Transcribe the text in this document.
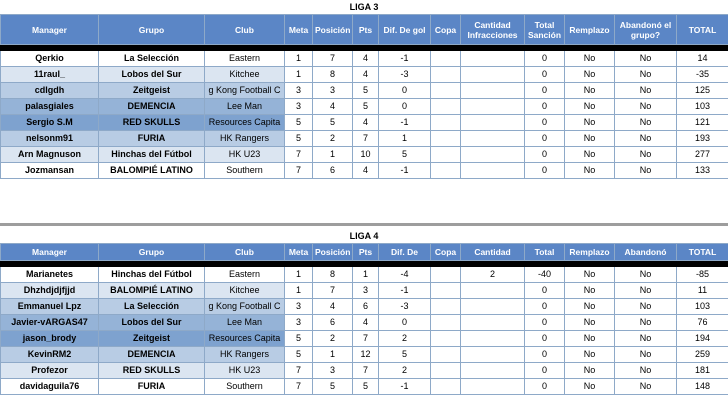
LIGA 3
Manager	Grupo	Club	Meta	Posición	Pts	Dif. De gol	Copa	Cantidad Infracciones	Total Sanción	Remplazo	Abandonó el grupo?	TOTAL

Qerkio	La Selección	Eastern	1	7	4	-1			0	No	No	14
11raul_	Lobos del Sur	Kitchee	1	8	4	-3			0	No	No	-35
cdlgdh	Zeitgeist	g Kong Football C	3	3	5	0			0	No	No	125
palasgiales	DEMENCIA	Lee Man	3	4	5	0			0	No	No	103
Sergio S.M	RED SKULLS	Resources Capita	5	5	4	-1			0	No	No	121
nelsonm91	FURIA	HK Rangers	5	2	7	1			0	No	No	193
Arn Magnuson	Hinchas del Fútbol	HK U23	7	1	10	5			0	No	No	277
Jozmansan	BALOMPIÉ LATINO	Southern	7	6	4	-1			0	No	No	133
LIGA 4
Manager	Grupo	Club	Meta	Posición	Pts	Dif. De	Copa	Cantidad	Total	Remplazo	Abandonó	TOTAL

Marianetes	Hinchas del Fútbol	Eastern	1	8	1	-4		2	-40	No	No	-85
Dhzhdjdjfjjd	BALOMPIÉ LATINO	Kitchee	1	7	3	-1			0	No	No	11
Emmanuel Lpz	La Selección	g Kong Football C	3	4	6	-3			0	No	No	103
Javier-vARGAS47	Lobos del Sur	Lee Man	3	6	4	0			0	No	No	76
jason_brody	Zeitgeist	Resources Capita	5	2	7	2			0	No	No	194
KevinRM2	DEMENCIA	HK Rangers	5	1	12	5			0	No	No	259
Profezor	RED SKULLS	HK U23	7	3	7	2			0	No	No	181
davidaguila76	FURIA	Southern	7	5	5	-1			0	No	No	148
